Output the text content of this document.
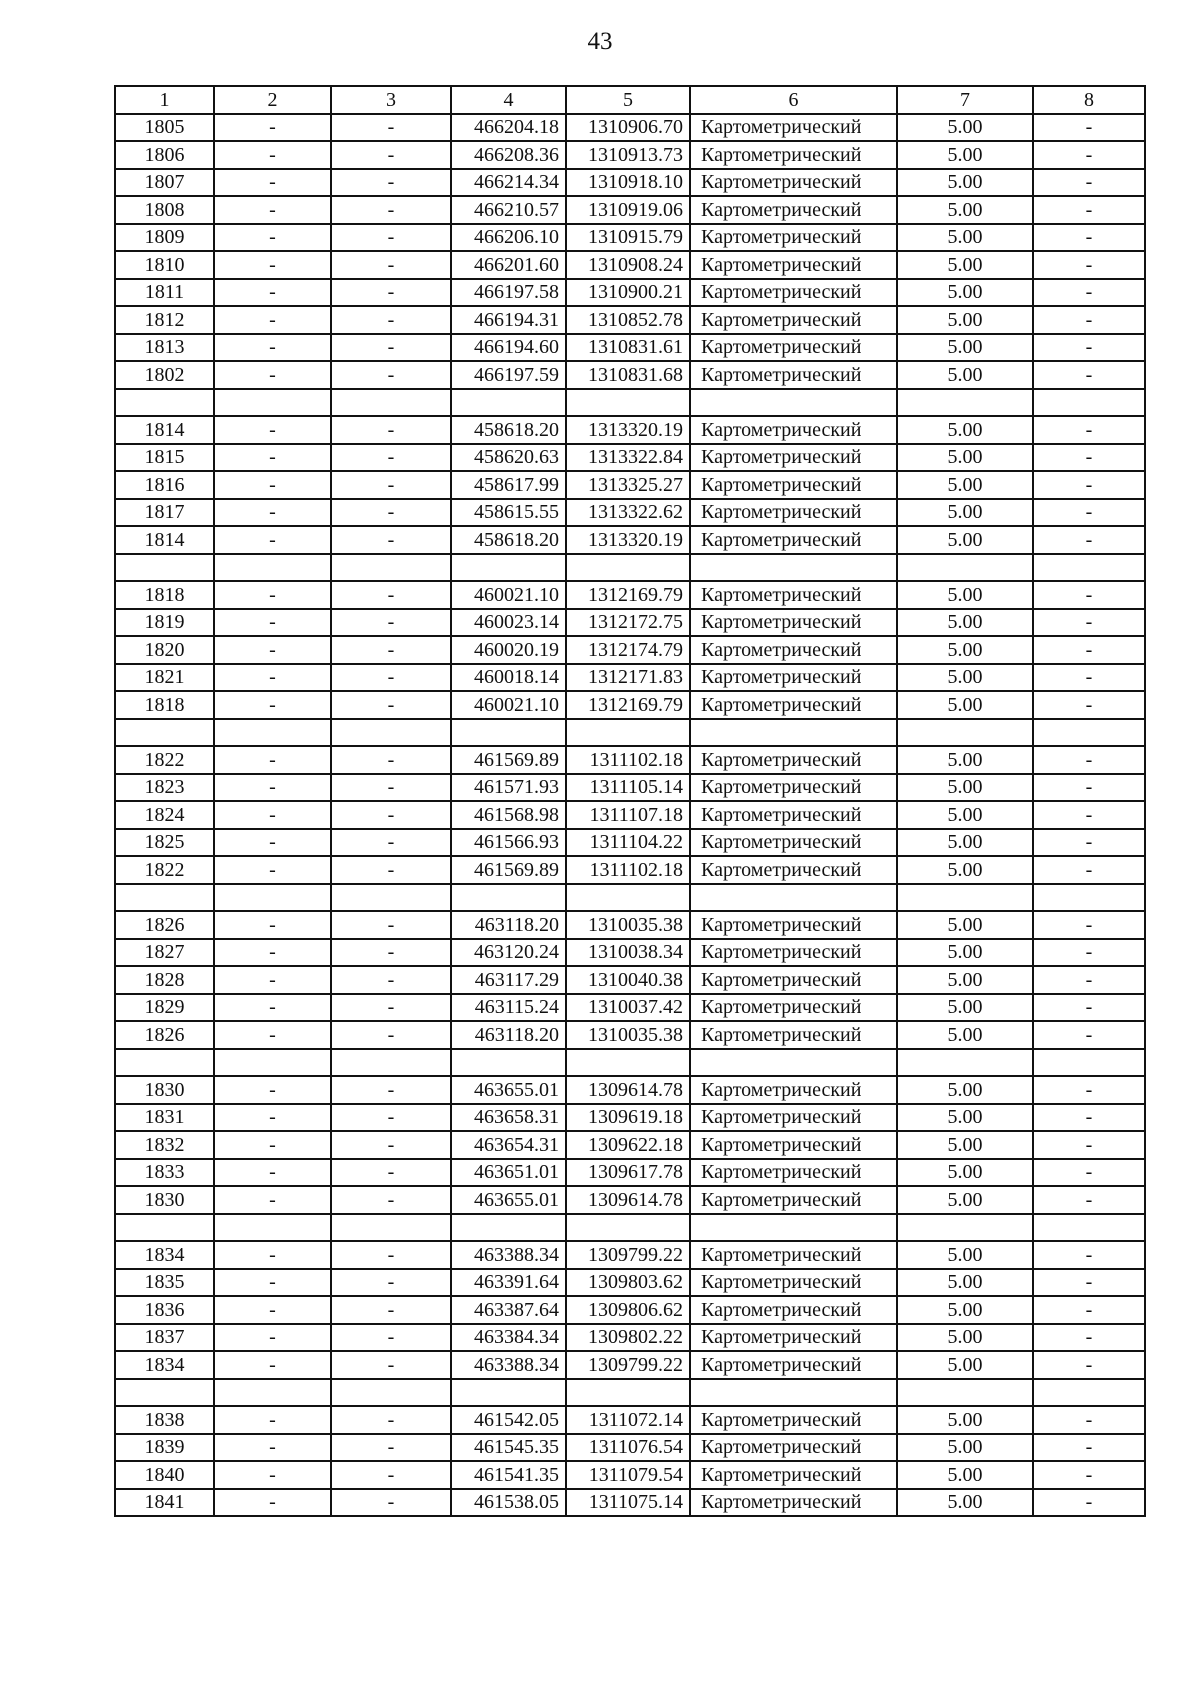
43
1	2	3	4	5	6	7	8
1805	-	-	466204.18	1310906.70	Картометрический	5.00	-
1806	-	-	466208.36	1310913.73	Картометрический	5.00	-
1807	-	-	466214.34	1310918.10	Картометрический	5.00	-
1808	-	-	466210.57	1310919.06	Картометрический	5.00	-
1809	-	-	466206.10	1310915.79	Картометрический	5.00	-
1810	-	-	466201.60	1310908.24	Картометрический	5.00	-
1811	-	-	466197.58	1310900.21	Картометрический	5.00	-
1812	-	-	466194.31	1310852.78	Картометрический	5.00	-
1813	-	-	466194.60	1310831.61	Картометрический	5.00	-
1802	-	-	466197.59	1310831.68	Картометрический	5.00	-

1814	-	-	458618.20	1313320.19	Картометрический	5.00	-
1815	-	-	458620.63	1313322.84	Картометрический	5.00	-
1816	-	-	458617.99	1313325.27	Картометрический	5.00	-
1817	-	-	458615.55	1313322.62	Картометрический	5.00	-
1814	-	-	458618.20	1313320.19	Картометрический	5.00	-

1818	-	-	460021.10	1312169.79	Картометрический	5.00	-
1819	-	-	460023.14	1312172.75	Картометрический	5.00	-
1820	-	-	460020.19	1312174.79	Картометрический	5.00	-
1821	-	-	460018.14	1312171.83	Картометрический	5.00	-
1818	-	-	460021.10	1312169.79	Картометрический	5.00	-

1822	-	-	461569.89	1311102.18	Картометрический	5.00	-
1823	-	-	461571.93	1311105.14	Картометрический	5.00	-
1824	-	-	461568.98	1311107.18	Картометрический	5.00	-
1825	-	-	461566.93	1311104.22	Картометрический	5.00	-
1822	-	-	461569.89	1311102.18	Картометрический	5.00	-

1826	-	-	463118.20	1310035.38	Картометрический	5.00	-
1827	-	-	463120.24	1310038.34	Картометрический	5.00	-
1828	-	-	463117.29	1310040.38	Картометрический	5.00	-
1829	-	-	463115.24	1310037.42	Картометрический	5.00	-
1826	-	-	463118.20	1310035.38	Картометрический	5.00	-

1830	-	-	463655.01	1309614.78	Картометрический	5.00	-
1831	-	-	463658.31	1309619.18	Картометрический	5.00	-
1832	-	-	463654.31	1309622.18	Картометрический	5.00	-
1833	-	-	463651.01	1309617.78	Картометрический	5.00	-
1830	-	-	463655.01	1309614.78	Картометрический	5.00	-

1834	-	-	463388.34	1309799.22	Картометрический	5.00	-
1835	-	-	463391.64	1309803.62	Картометрический	5.00	-
1836	-	-	463387.64	1309806.62	Картометрический	5.00	-
1837	-	-	463384.34	1309802.22	Картометрический	5.00	-
1834	-	-	463388.34	1309799.22	Картометрический	5.00	-

1838	-	-	461542.05	1311072.14	Картометрический	5.00	-
1839	-	-	461545.35	1311076.54	Картометрический	5.00	-
1840	-	-	461541.35	1311079.54	Картометрический	5.00	-
1841	-	-	461538.05	1311075.14	Картометрический	5.00	-
